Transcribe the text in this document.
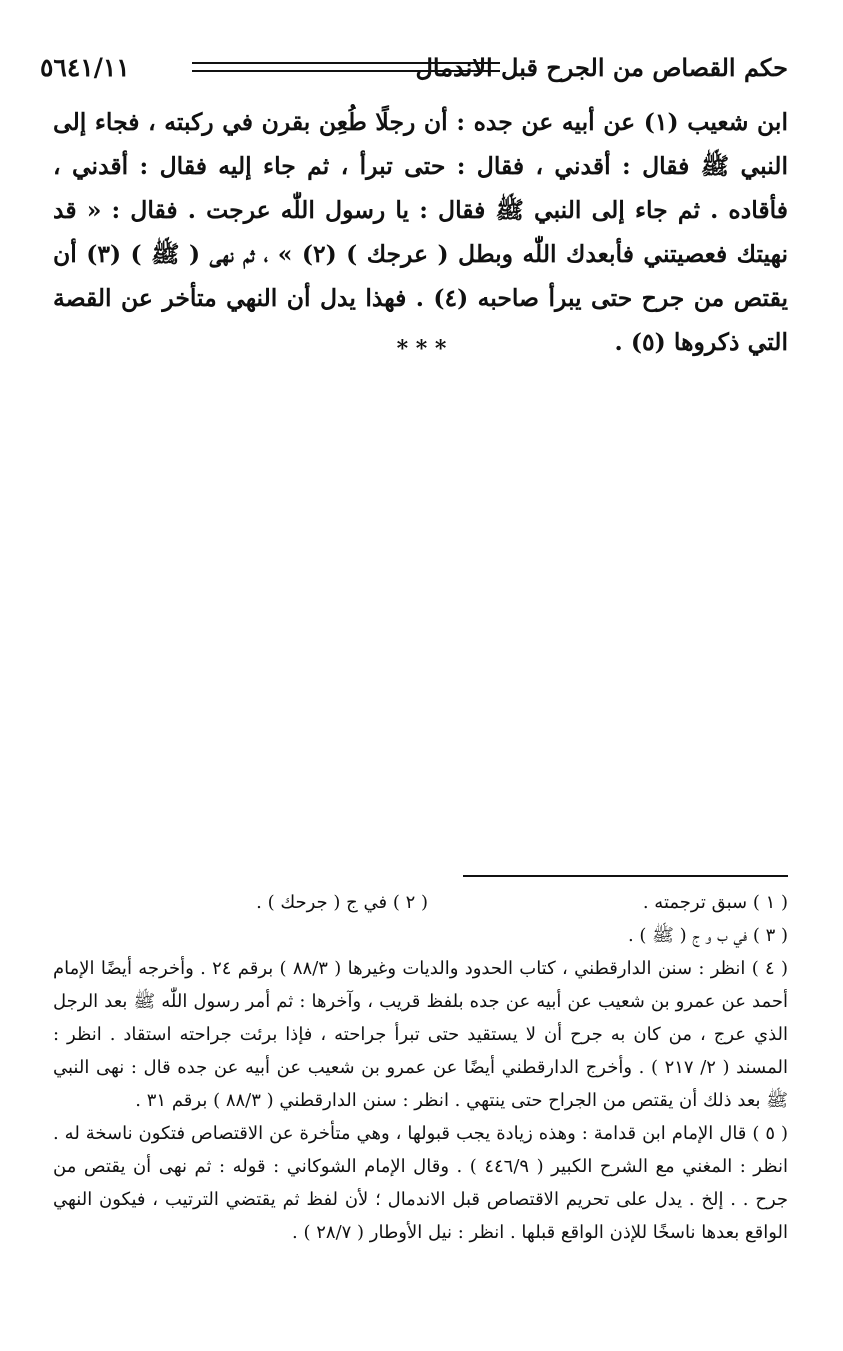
حكم القصاص من الجرح قبل الاندمال
٥٦٤١/١١

ابن شعيب (١) عن أبيه عن جده : أن رجلًا طُعِن بقرن في ركبته ، فجاء إلى النبي ﷺ فقال : أقدني ، فقال : حتى تبرأ ، ثم جاء إليه فقال : أقدني ، فأقاده . ثم جاء إلى النبي ﷺ فقال : يا رسول اللّٰه عرجت . فقال : « قد نهيتك فعصيتني فأبعدك اللّٰه وبطل ( عرجك ) (٢) » ، ثم نهى ( ﷺ ) (٣) أن يقتص من جرح حتى يبرأ صاحبه (٤) . فهذا يدل أن النهي متأخر عن القصة التي ذكروها (٥) .

* * *
( ١ ) سبق ترجمته .
( ٢ ) في ج ( جرحك ) .

( ٣ ) في ب و ج ( ﷺ ) .

( ٤ ) انظر : سنن الدارقطني ، كتاب الحدود والديات وغيرها ( ٨٨/٣ ) برقم ٢٤ . وأخرجه أيضًا الإمام أحمد عن عمرو بن شعيب عن أبيه عن جده بلفظ قريب ، وآخرها : ثم أمر رسول اللّٰه ﷺ بعد الرجل الذي عرج ، من كان به جرح أن لا يستقيد حتى تبرأ جراحته ، فإذا برئت جراحته استقاد . انظر : المسند ( ٢/ ٢١٧ ) . وأخرج الدارقطني أيضًا عن عمرو بن شعيب عن أبيه عن جده قال : نهى النبي ﷺ بعد ذلك أن يقتص من الجراح حتى ينتهي . انظر : سنن الدارقطني ( ٨٨/٣ ) برقم ٣١ .

( ٥ ) قال الإمام ابن قدامة : وهذه زيادة يجب قبولها ، وهي متأخرة عن الاقتصاص فتكون ناسخة له . انظر : المغني مع الشرح الكبير ( ٤٤٦/٩ ) . وقال الإمام الشوكاني : قوله : ثم نهى أن يقتص من جرح . . إلخ . يدل على تحريم الاقتصاص قبل الاندمال ؛ لأن لفظ ثم يقتضي الترتيب ، فيكون النهي الواقع بعدها ناسخًا للإذن الواقع قبلها . انظر : نيل الأوطار ( ٢٨/٧ ) .
